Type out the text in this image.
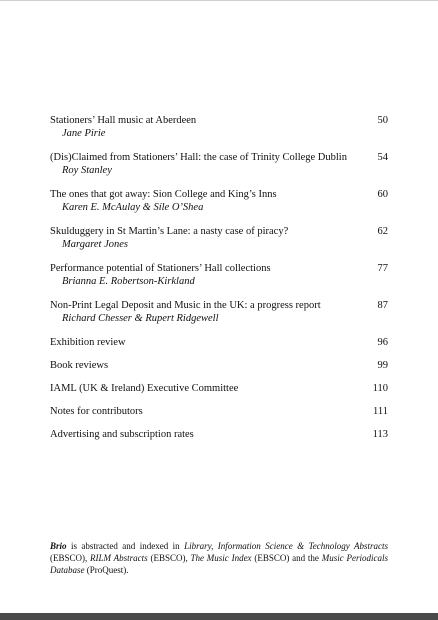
Stationers’ Hall music at Aberdeen	50
Jane Pirie
(Dis)Claimed from Stationers’ Hall: the case of Trinity College Dublin	54
Roy Stanley
The ones that got away: Sion College and King’s Inns	60
Karen E. McAulay & Síle O’Shea
Skulduggery in St Martin’s Lane: a nasty case of piracy?	62
Margaret Jones
Performance potential of Stationers’ Hall collections	77
Brianna E. Robertson-Kirkland
Non-Print Legal Deposit and Music in the UK: a progress report	87
Richard Chesser & Rupert Ridgewell
Exhibition review	96
Book reviews	99
IAML (UK & Ireland) Executive Committee	110
Notes for contributors	111
Advertising and subscription rates	113

Brio is abstracted and indexed in Library, Information Science & Technology Abstracts (EBSCO), RILM Abstracts (EBSCO), The Music Index (EBSCO) and the Music Periodicals Database (ProQuest).
